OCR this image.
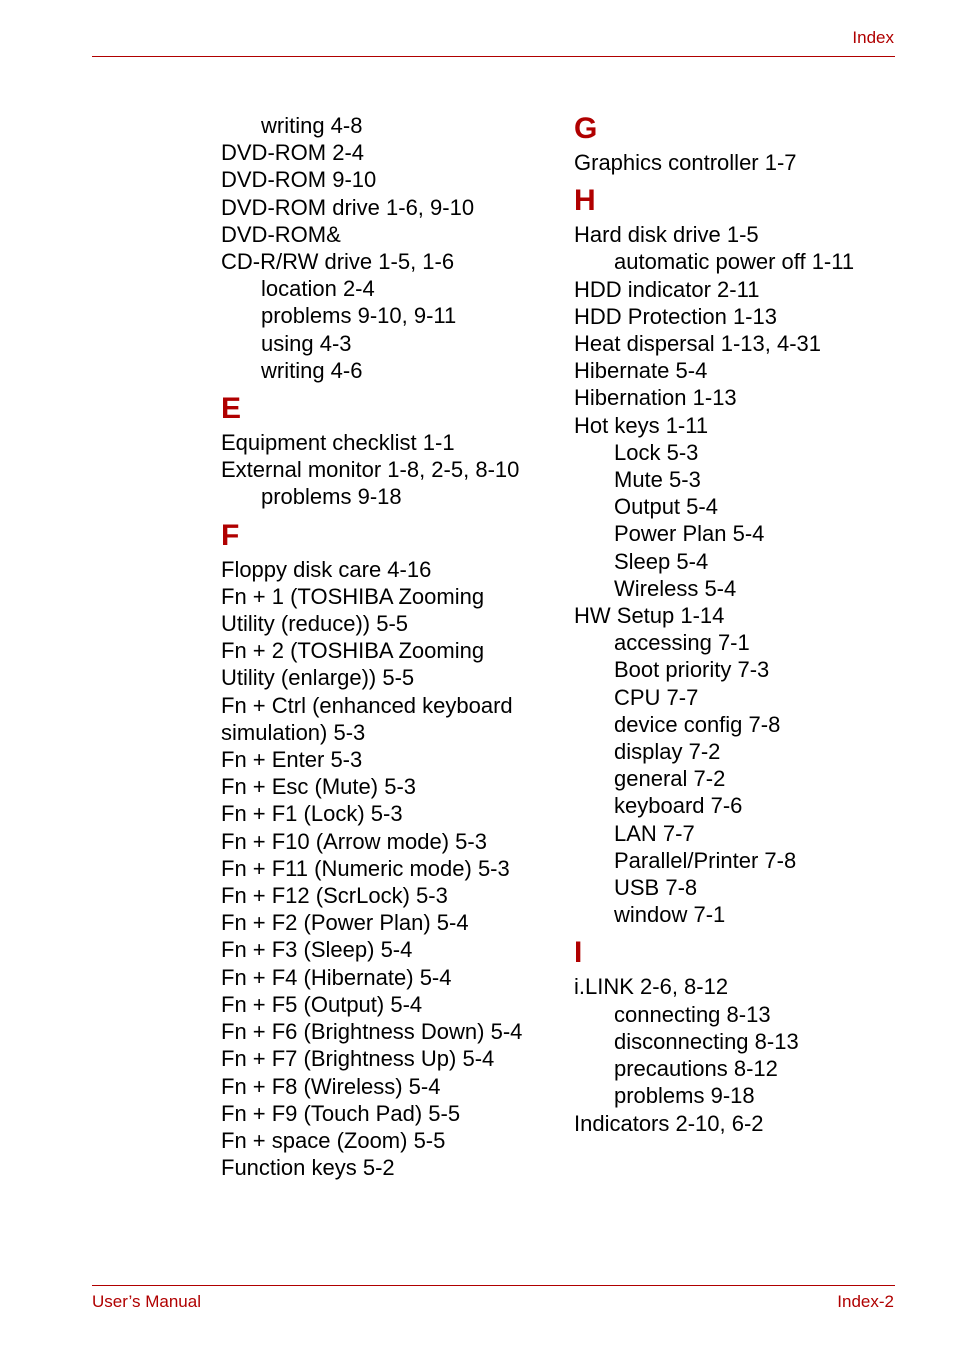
Index
writing 4-8
DVD-ROM 2-4
DVD-ROM 9-10
DVD-ROM drive 1-6, 9-10
DVD-ROM&
CD-R/RW drive 1-5, 1-6
location 2-4
problems 9-10, 9-11
using 4-3
writing 4-6
E
Equipment checklist 1-1
External monitor 1-8, 2-5, 8-10
problems 9-18
F
Floppy disk care 4-16
Fn + 1 (TOSHIBA Zooming
Utility (reduce)) 5-5
Fn + 2 (TOSHIBA Zooming
Utility (enlarge)) 5-5
Fn + Ctrl (enhanced keyboard
simulation) 5-3
Fn + Enter 5-3
Fn + Esc (Mute) 5-3
Fn + F1 (Lock) 5-3
Fn + F10 (Arrow mode) 5-3
Fn + F11 (Numeric mode) 5-3
Fn + F12 (ScrLock) 5-3
Fn + F2 (Power Plan) 5-4
Fn + F3 (Sleep) 5-4
Fn + F4 (Hibernate) 5-4
Fn + F5 (Output) 5-4
Fn + F6 (Brightness Down) 5-4
Fn + F7 (Brightness Up) 5-4
Fn + F8 (Wireless) 5-4
Fn + F9 (Touch Pad) 5-5
Fn + space (Zoom) 5-5
Function keys 5-2
G
Graphics controller 1-7
H
Hard disk drive 1-5
automatic power off 1-11
HDD indicator 2-11
HDD Protection 1-13
Heat dispersal 1-13, 4-31
Hibernate 5-4
Hibernation 1-13
Hot keys 1-11
Lock 5-3
Mute 5-3
Output 5-4
Power Plan 5-4
Sleep 5-4
Wireless 5-4
HW Setup 1-14
accessing 7-1
Boot priority 7-3
CPU 7-7
device config 7-8
display 7-2
general 7-2
keyboard 7-6
LAN 7-7
Parallel/Printer 7-8
USB 7-8
window 7-1
I
i.LINK 2-6, 8-12
connecting 8-13
disconnecting 8-13
precautions 8-12
problems 9-18
Indicators 2-10, 6-2
User’s Manual	Index-2
